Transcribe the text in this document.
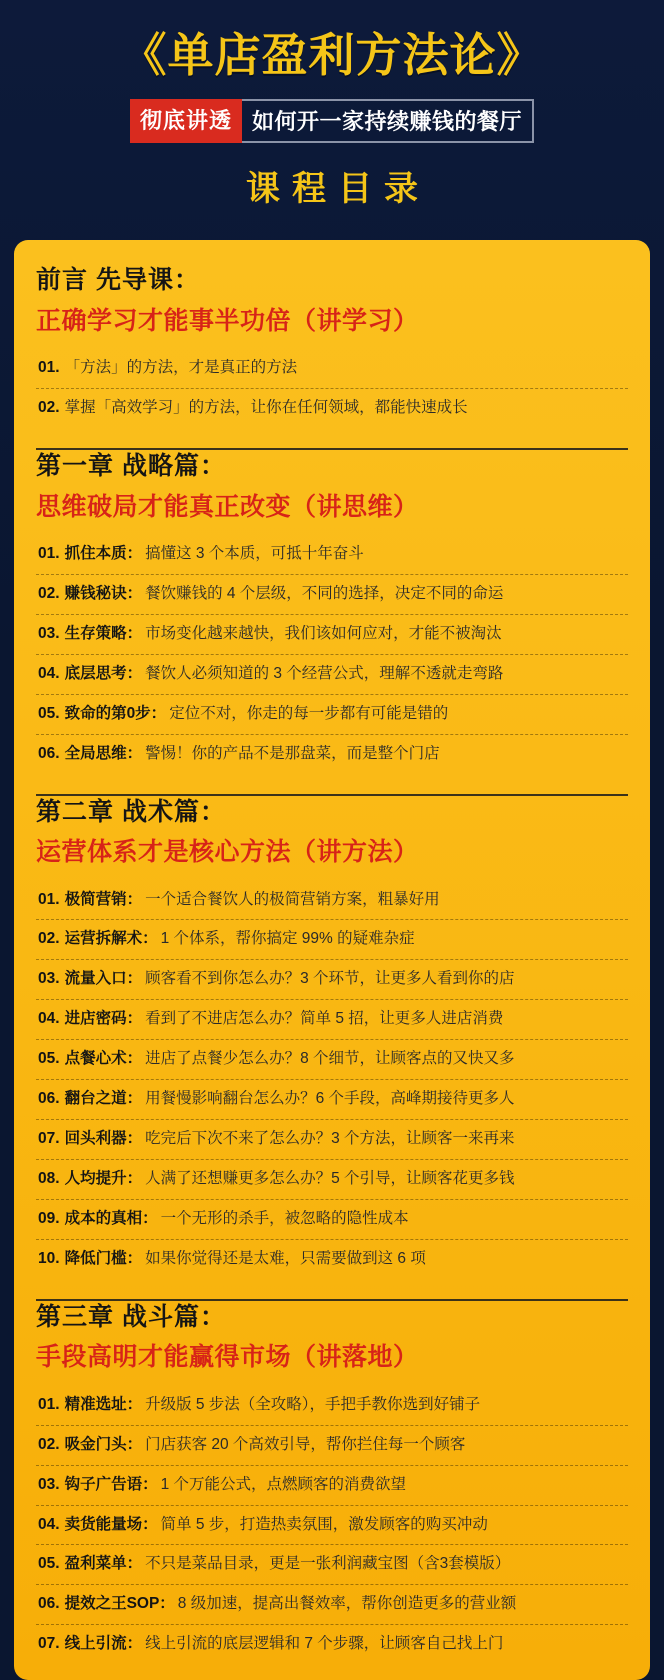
《单店盈利方法论》
彻底讲透 如何开一家持续赚钱的餐厅
课程目录
前言 先导课：
正确学习才能事半功倍（讲学习）
01. 「方法」的方法，才是真正的方法
02. 掌握「高效学习」的方法，让你在任何领域，都能快速成长
第一章 战略篇：
思维破局才能真正改变（讲思维）
01. 抓住本质： 搞懂这 3 个本质，可抵十年奋斗
02. 赚钱秘诀： 餐饮赚钱的 4 个层级，不同的选择，决定不同的命运
03. 生存策略： 市场变化越来越快，我们该如何应对，才能不被淘汰
04. 底层思考： 餐饮人必须知道的 3 个经营公式，理解不透就走弯路
05. 致命的第0步： 定位不对，你走的每一步都有可能是错的
06. 全局思维： 警惕！你的产品不是那盘菜，而是整个门店
第二章 战术篇：
运营体系才是核心方法（讲方法）
01. 极简营销： 一个适合餐饮人的极简营销方案，粗暴好用
02. 运营拆解术： 1 个体系，帮你搞定 99% 的疑难杂症
03. 流量入口： 顾客看不到你怎么办？3 个环节，让更多人看到你的店
04. 进店密码： 看到了不进店怎么办？简单 5 招，让更多人进店消费
05. 点餐心术： 进店了点餐少怎么办？8 个细节，让顾客点的又快又多
06. 翻台之道： 用餐慢影响翻台怎么办？6 个手段，高峰期接待更多人
07. 回头利器： 吃完后下次不来了怎么办？3 个方法，让顾客一来再来
08. 人均提升： 人满了还想赚更多怎么办？5 个引导，让顾客花更多钱
09. 成本的真相： 一个无形的杀手，被忽略的隐性成本
10. 降低门槛： 如果你觉得还是太难，只需要做到这 6 项
第三章 战斗篇：
手段高明才能赢得市场（讲落地）
01. 精准选址： 升级版 5 步法（全攻略），手把手教你选到好铺子
02. 吸金门头： 门店获客 20 个高效引导，帮你拦住每一个顾客
03. 钩子广告语： 1 个万能公式，点燃顾客的消费欲望
04. 卖货能量场： 简单 5 步，打造热卖氛围，激发顾客的购买冲动
05. 盈利菜单： 不只是菜品目录，更是一张利润藏宝图（含3套模版）
06. 提效之王SOP： 8 级加速，提高出餐效率，帮你创造更多的营业额
07. 线上引流： 线上引流的底层逻辑和 7 个步骤，让顾客自己找上门
